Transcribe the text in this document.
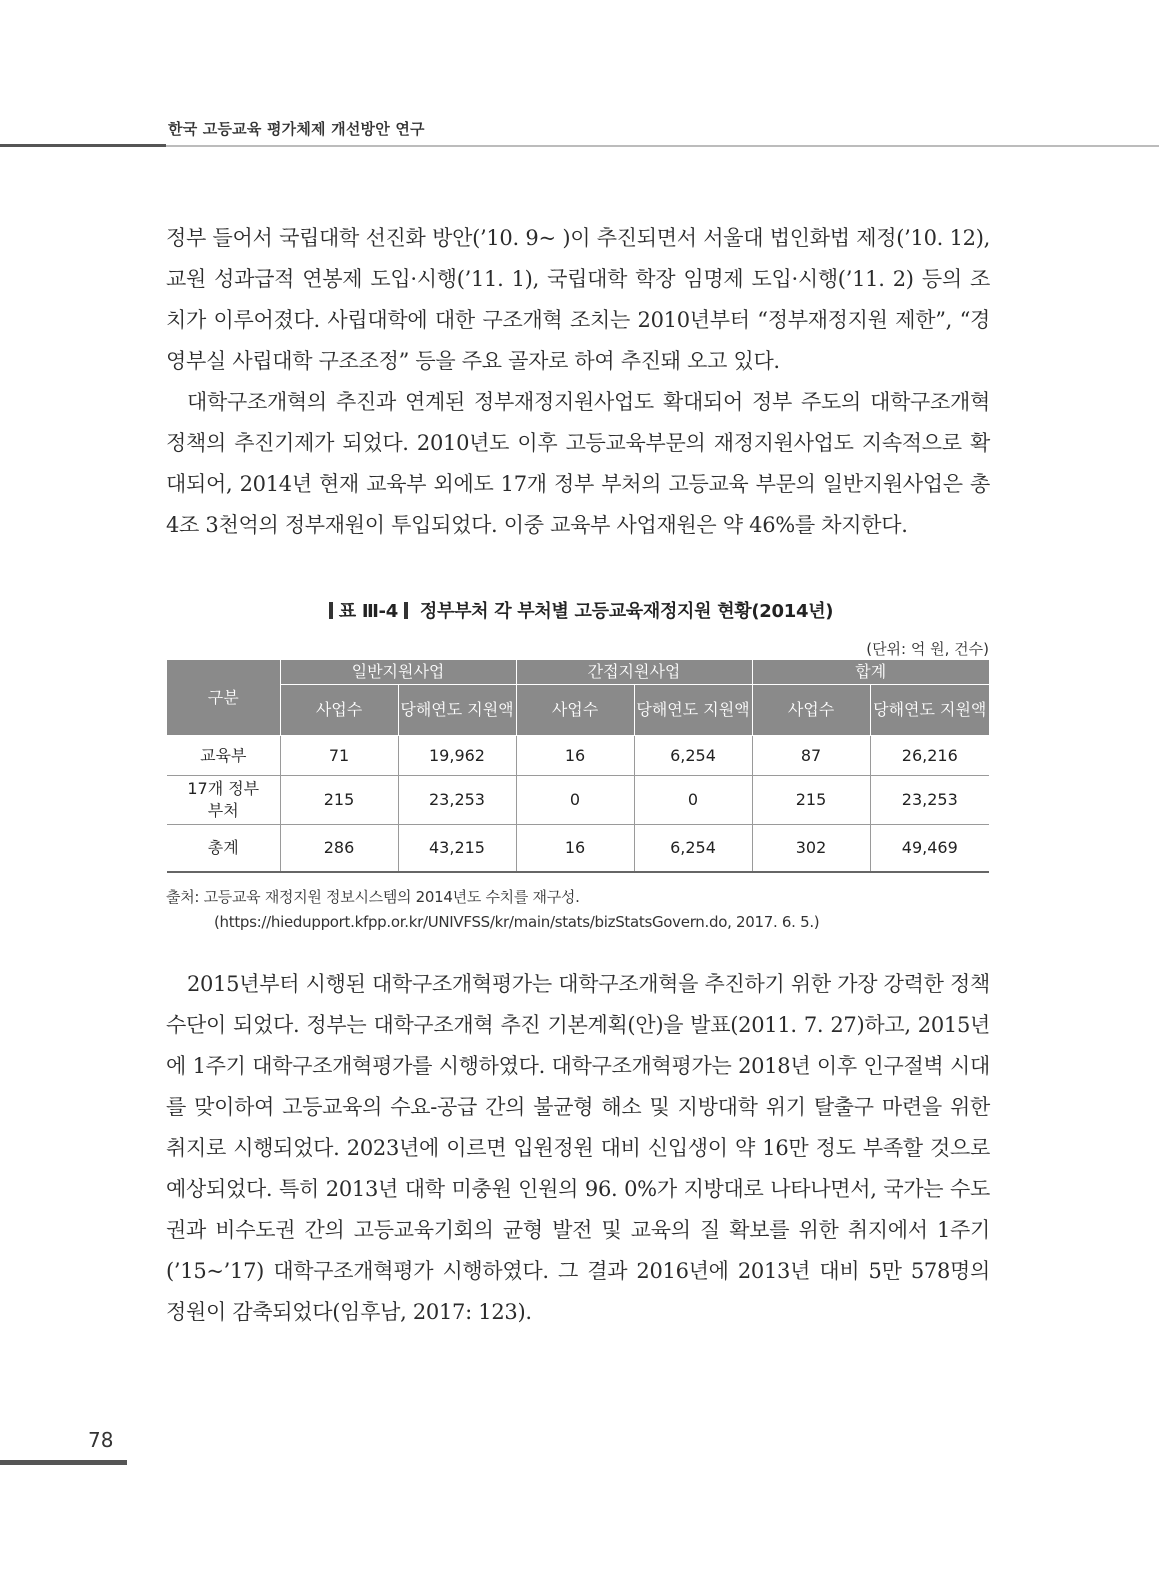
한국 고등교육 평가체제 개선방안 연구

정부 들어서 국립대학 선진화 방안(’10. 9~ )이 추진되면서 서울대 법인화법 제정(’10. 12), 교원 성과급적 연봉제 도입·시행(’11. 1), 국립대학 학장 임명제 도입·시행(’11. 2) 등의 조치가 이루어졌다. 사립대학에 대한 구조개혁 조치는 2010년부터 “정부재정지원 제한”, “경영부실 사립대학 구조조정” 등을 주요 골자로 하여 추진돼 오고 있다.

대학구조개혁의 추진과 연계된 정부재정지원사업도 확대되어 정부 주도의 대학구조개혁 정책의 추진기제가 되었다. 2010년도 이후 고등교육부문의 재정지원사업도 지속적으로 확대되어, 2014년 현재 교육부 외에도 17개 정부 부처의 고등교육 부문의 일반지원사업은 총 4조 3천억의 정부재원이 투입되었다. 이중 교육부 사업재원은 약 46%를 차지한다.

표 Ⅲ-4 정부부처 각 부처별 고등교육재정지원 현황(2014년)
(단위: 억 원, 건수)
구분	일반지원사업		간접지원사업		합계	
	사업수	당해연도 지원액	사업수	당해연도 지원액	사업수	당해연도 지원액
교육부	71	19,962	16	6,254	87	26,216
17개 정부 부처	215	23,253	0	0	215	23,253
총계	286	43,215	16	6,254	302	49,469
출처: 고등교육 재정지원 정보시스템의 2014년도 수치를 재구성.
(https://hiedupport.kfpp.or.kr/UNIVFSS/kr/main/stats/bizStatsGovern.do, 2017. 6. 5.)

2015년부터 시행된 대학구조개혁평가는 대학구조개혁을 추진하기 위한 가장 강력한 정책수단이 되었다. 정부는 대학구조개혁 추진 기본계획(안)을 발표(2011. 7. 27)하고, 2015년에 1주기 대학구조개혁평가를 시행하였다. 대학구조개혁평가는 2018년 이후 인구절벽 시대를 맞이하여 고등교육의 수요-공급 간의 불균형 해소 및 지방대학 위기 탈출구 마련을 위한 취지로 시행되었다. 2023년에 이르면 입원정원 대비 신입생이 약 16만 정도 부족할 것으로 예상되었다. 특히 2013년 대학 미충원 인원의 96. 0%가 지방대로 나타나면서, 국가는 수도권과 비수도권 간의 고등교육기회의 균형 발전 및 교육의 질 확보를 위한 취지에서 1주기(’15~’17) 대학구조개혁평가 시행하였다. 그 결과 2016년에 2013년 대비 5만 578명의 정원이 감축되었다(임후남, 2017: 123).

78
